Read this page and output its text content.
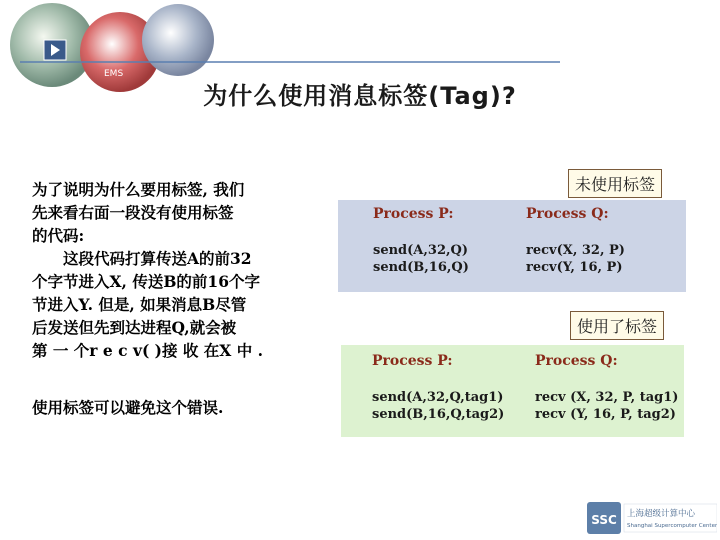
EMS
为什么使用消息标签(Tag)?

为了说明为什么要用标签, 我们

先来看右面一段没有使用标签

的代码:

这段代码打算传送A的前32

个字节进入X, 传送B的前16个字

节进入Y. 但是, 如果消息B尽管

后发送但先到达进程Q,就会被

第 一 个r e c v( )接 收 在X 中 .

使用标签可以避免这个错误.
未使用标签
使用了标签
Process P:	Process Q:
send(A,32,Q)
send(B,16,Q)
recv(X, 32, P)
recv(Y, 16, P)
Process P:	Process Q:
send(A,32,Q,tag1)
send(B,16,Q,tag2)
recv (X, 32, P, tag1)
recv (Y, 16, P, tag2)
SSC 上海超级计算中心
Shanghai Supercomputer Center
